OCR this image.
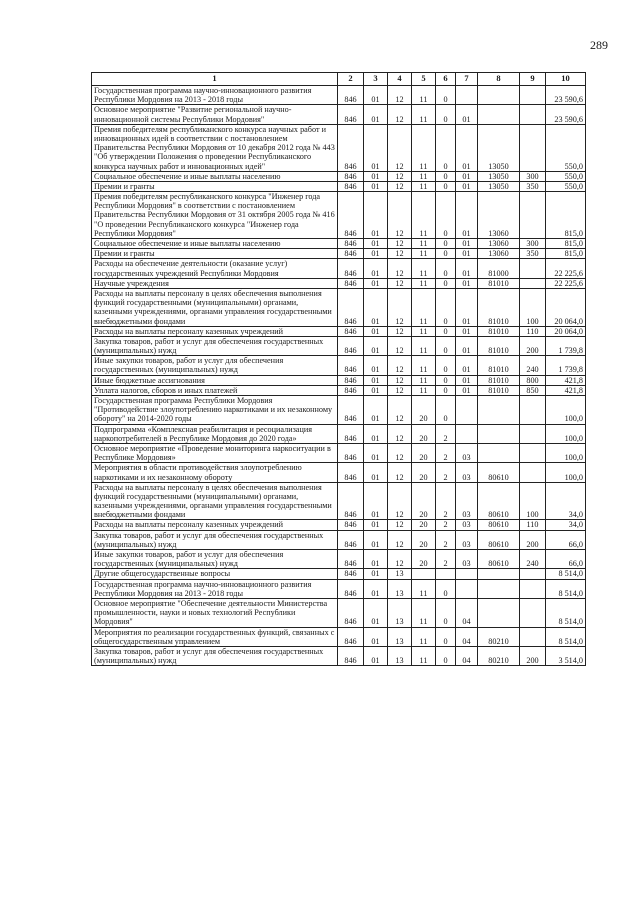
289
1	2	3	4	5	6	7	8	9	10
Государственная программа научно-инновационного развития Республики Мордовия на 2013 - 2018 годы	846	01	12	11	0				23 590,6
Основное мероприятие "Развитие региональной научно-инновационной системы Республики Мордовия"	846	01	12	11	0	01			23 590,6
Премия победителям республиканского конкурса научных работ и инновационных идей в соответствии с постановлением Правительства Республики Мордовия от 10 декабря 2012 года № 443 "Об утверждении Положения о проведении Республиканского конкурса научных работ и инновационных идей"	846	01	12	11	0	01	13050		550,0
Социальное обеспечение и иные выплаты населению	846	01	12	11	0	01	13050	300	550,0
Премии и гранты	846	01	12	11	0	01	13050	350	550,0
Премия победителям республиканского конкурса "Инженер года Республики Мордовия" в соответствии с постановлением Правительства Республики Мордовия от 31 октября 2005 года № 416 "О проведении Республиканского конкурса "Инженер года Республики Мордовия"	846	01	12	11	0	01	13060		815,0
Социальное обеспечение и иные выплаты населению	846	01	12	11	0	01	13060	300	815,0
Премии и гранты	846	01	12	11	0	01	13060	350	815,0
Расходы на обеспечение деятельности (оказание услуг) государственных учреждений Республики Мордовия	846	01	12	11	0	01	81000		22 225,6
Научные учреждения	846	01	12	11	0	01	81010		22 225,6
Расходы на выплаты персоналу в целях обеспечения выполнения функций государственными (муниципальными) органами, казенными учреждениями, органами управления государственными внебюджетными фондами	846	01	12	11	0	01	81010	100	20 064,0
Расходы на выплаты персоналу казенных учреждений	846	01	12	11	0	01	81010	110	20 064,0
Закупка товаров, работ и услуг для обеспечения государственных (муниципальных) нужд	846	01	12	11	0	01	81010	200	1 739,8
Иные закупки товаров, работ и услуг для обеспечения государственных (муниципальных) нужд	846	01	12	11	0	01	81010	240	1 739,8
Иные бюджетные ассигнования	846	01	12	11	0	01	81010	800	421,8
Уплата налогов, сборов и иных платежей	846	01	12	11	0	01	81010	850	421,8
Государственная программа Республики Мордовия "Противодействие злоупотреблению наркотиками и их незаконному обороту" на 2014-2020 годы	846	01	12	20	0				100,0
Подпрограмма «Комплексная реабилитация и ресоциализация наркопотребителей в Республике Мордовия до 2020 года»	846	01	12	20	2				100,0
Основное мероприятие «Проведение мониторинга наркоситуации в Республике Мордовия»	846	01	12	20	2	03			100,0
Мероприятия в области противодействия злоупотреблению наркотиками и их незаконному обороту	846	01	12	20	2	03	80610		100,0
Расходы на выплаты персоналу в целях обеспечения выполнения функций государственными (муниципальными) органами, казенными учреждениями, органами управления государственными внебюджетными фондами	846	01	12	20	2	03	80610	100	34,0
Расходы на выплаты персоналу казенных учреждений	846	01	12	20	2	03	80610	110	34,0
Закупка товаров, работ и услуг для обеспечения государственных (муниципальных) нужд	846	01	12	20	2	03	80610	200	66,0
Иные закупки товаров, работ и услуг для обеспечения государственных (муниципальных) нужд	846	01	12	20	2	03	80610	240	66,0
Другие общегосударственные вопросы	846	01	13						8 514,0
Государственная программа научно-инновационного развития Республики Мордовия на 2013 - 2018 годы	846	01	13	11	0				8 514,0
Основное мероприятие "Обеспечение деятельности Министерства промышленности, науки и новых технологий Республики Мордовия"	846	01	13	11	0	04			8 514,0
Мероприятия по реализации государственных функций, связанных с общегосударственным управлением	846	01	13	11	0	04	80210		8 514,0
Закупка товаров, работ и услуг для обеспечения государственных (муниципальных) нужд	846	01	13	11	0	04	80210	200	3 514,0
